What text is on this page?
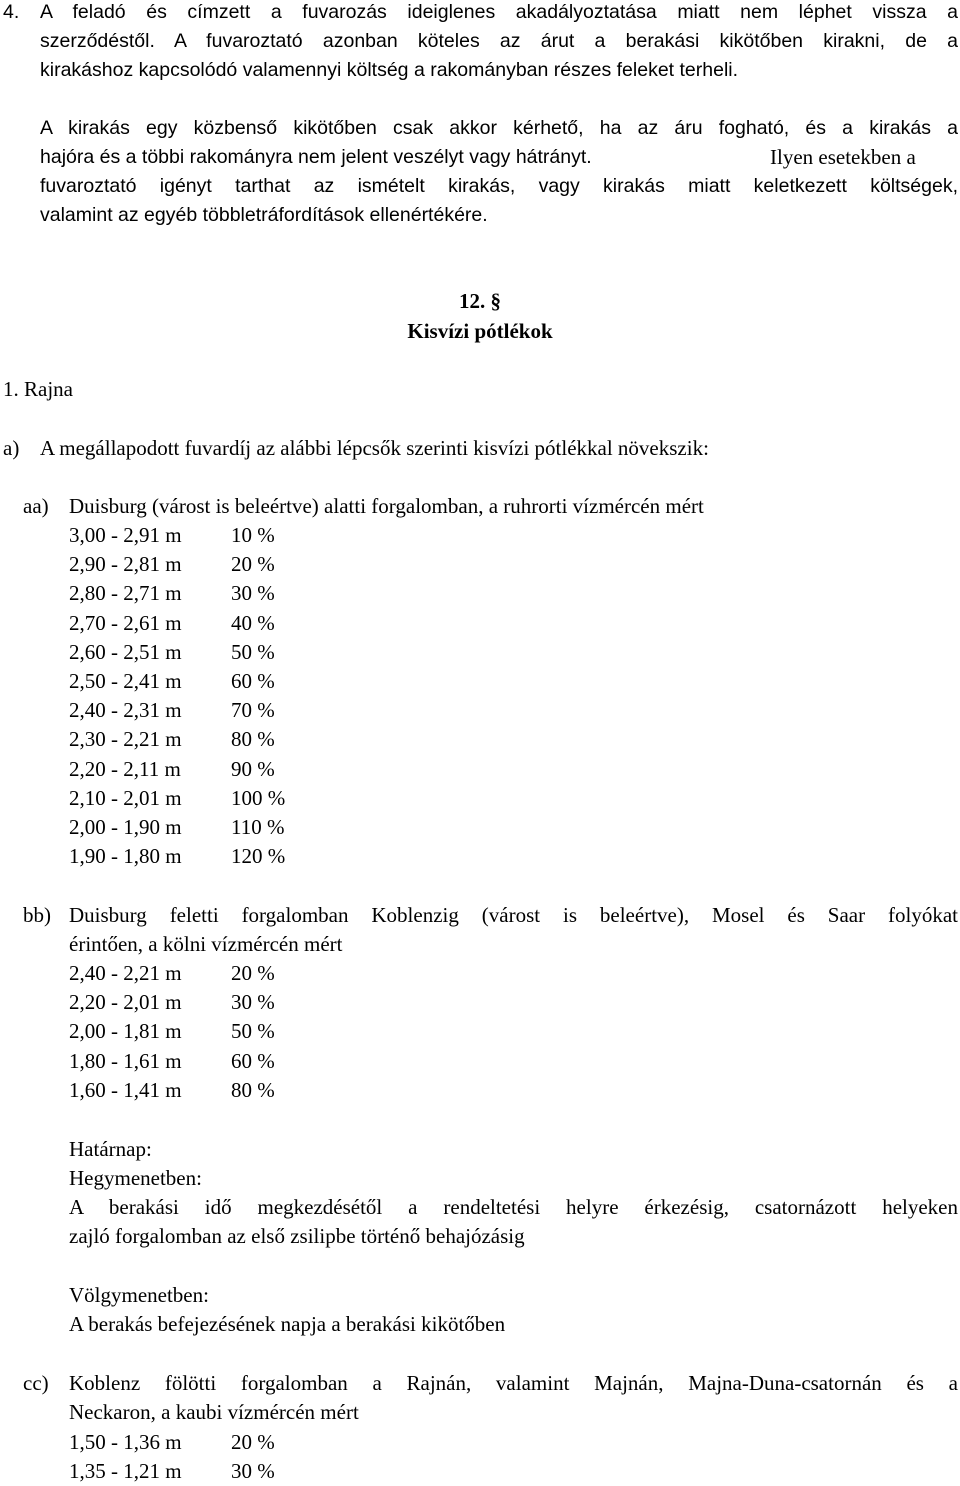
4. A feladó és címzett a fuvarozás ideiglenes akadályoztatása miatt nem léphet vissza a
szerződéstől. A fuvaroztató azonban köteles az árut a berakási kikötőben kirakni, de a
kirakáshoz kapcsolódó valamennyi költség a rakományban részes feleket terheli.
A kirakás egy közbenső kikötőben csak akkor kérhető, ha az áru fogható, és a kirakás a
hajóra és a többi rakományra nem jelent veszélyt vagy hátrányt.	Ilyen esetekben a
fuvaroztató igényt tarthat az ismételt kirakás, vagy kirakás miatt keletkezett költségek,
valamint az egyéb többletráfordítások ellenértékére.
12. §
Kisvízi pótlékok
1. Rajna
a) A megállapodott fuvardíj az alábbi lépcsők szerinti kisvízi pótlékkal növekszik:
aa) Duisburg (várost is beleértve) alatti forgalomban, a ruhrorti vízmércén mért
3,00 - 2,91 m 10 %
2,90 - 2,81 m 20 %
2,80 - 2,71 m 30 %
2,70 - 2,61 m 40 %
2,60 - 2,51 m 50 %
2,50 - 2,41 m 60 %
2,40 - 2,31 m 70 %
2,30 - 2,21 m 80 %
2,20 - 2,11 m 90 %
2,10 - 2,01 m 100 %
2,00 - 1,90 m 110 %
1,90 - 1,80 m 120 %
bb) Duisburg feletti forgalomban Koblenzig (várost is beleértve), Mosel és Saar folyókat
érintően, a kölni vízmércén mért
2,40 - 2,21 m 20 %
2,20 - 2,01 m 30 %
2,00 - 1,81 m 50 %
1,80 - 1,61 m 60 %
1,60 - 1,41 m 80 %
Határnap:
Hegymenetben:
A berakási idő megkezdésétől a rendeltetési helyre érkezésig, csatornázott helyeken
zajló forgalomban az első zsilipbe történő behajózásig
Völgymenetben:
A berakás befejezésének napja a berakási kikötőben
cc) Koblenz fölötti forgalomban a Rajnán, valamint Majnán, Majna-Duna-csatornán és a
Neckaron, a kaubi vízmércén mért
1,50 - 1,36 m 20 %
1,35 - 1,21 m 30 %
